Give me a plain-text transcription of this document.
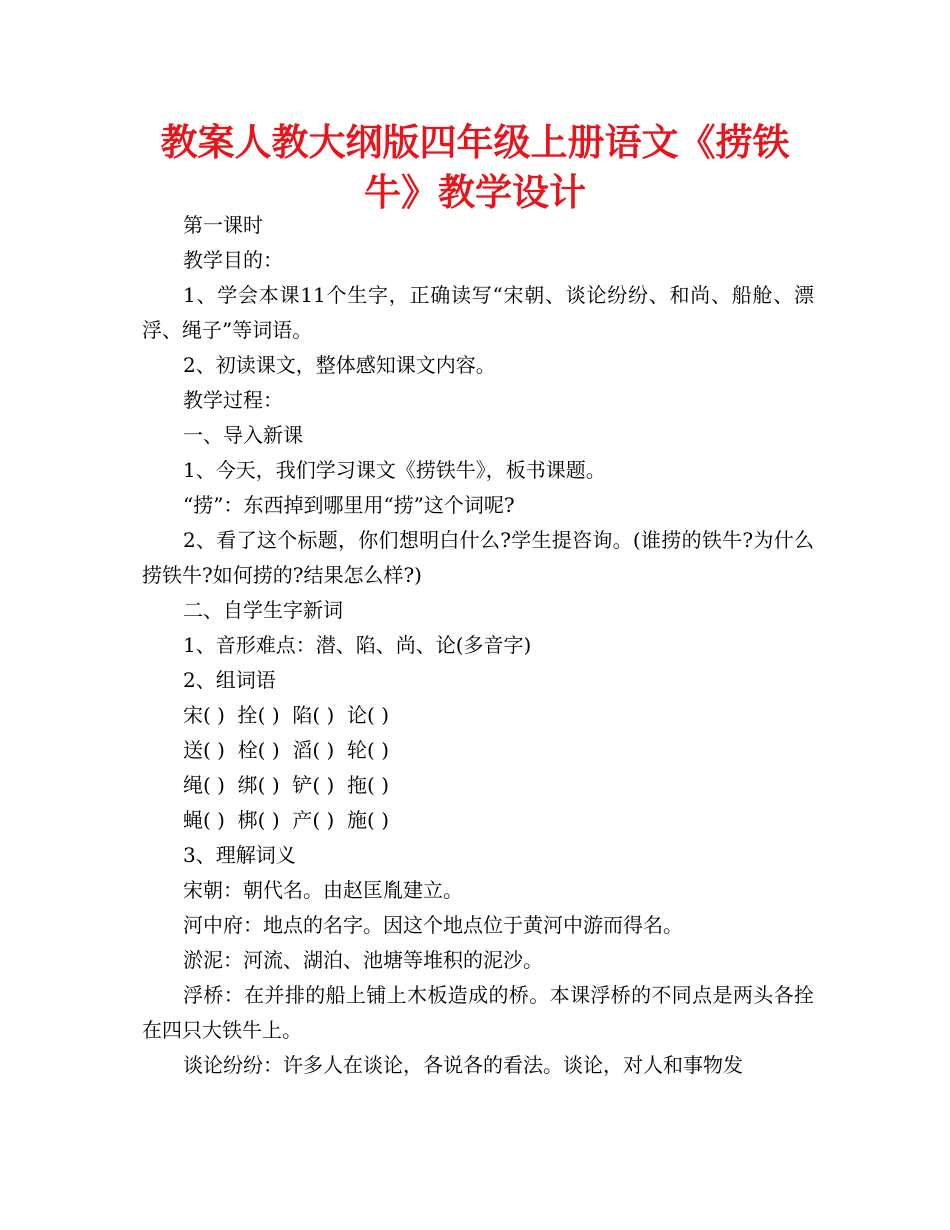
教案人教大纲版四年级上册语文《捞铁
牛》教学设计

第一课时

教学目的：

1、学会本课11个生字，正确读写“宋朝、谈论纷纷、和尚、船舱、漂浮、绳子”等词语。

2、初读课文，整体感知课文内容。

教学过程：

一、导入新课

1、今天，我们学习课文《捞铁牛》，板书课题。

“捞”：东西掉到哪里用“捞”这个词呢?

2、看了这个标题，你们想明白什么?学生提咨询。(谁捞的铁牛?为什么捞铁牛?如何捞的?结果怎么样?)

二、自学生字新词

1、音形难点：潜、陷、尚、论(多音字)

2、组词语

宋( )  拴( )  陷( )  论( )

送( )  栓( )  滔( )  轮( )

绳( )  绑( )  铲( )  拖( )

蝇( )  梆( )  产( )  施( )

3、理解词义

宋朝：朝代名。由赵匡胤建立。

河中府：地点的名字。因这个地点位于黄河中游而得名。

淤泥：河流、湖泊、池塘等堆积的泥沙。

浮桥：在并排的船上铺上木板造成的桥。本课浮桥的不同点是两头各拴在四只大铁牛上。

谈论纷纷：许多人在谈论，各说各的看法。谈论，对人和事物发
